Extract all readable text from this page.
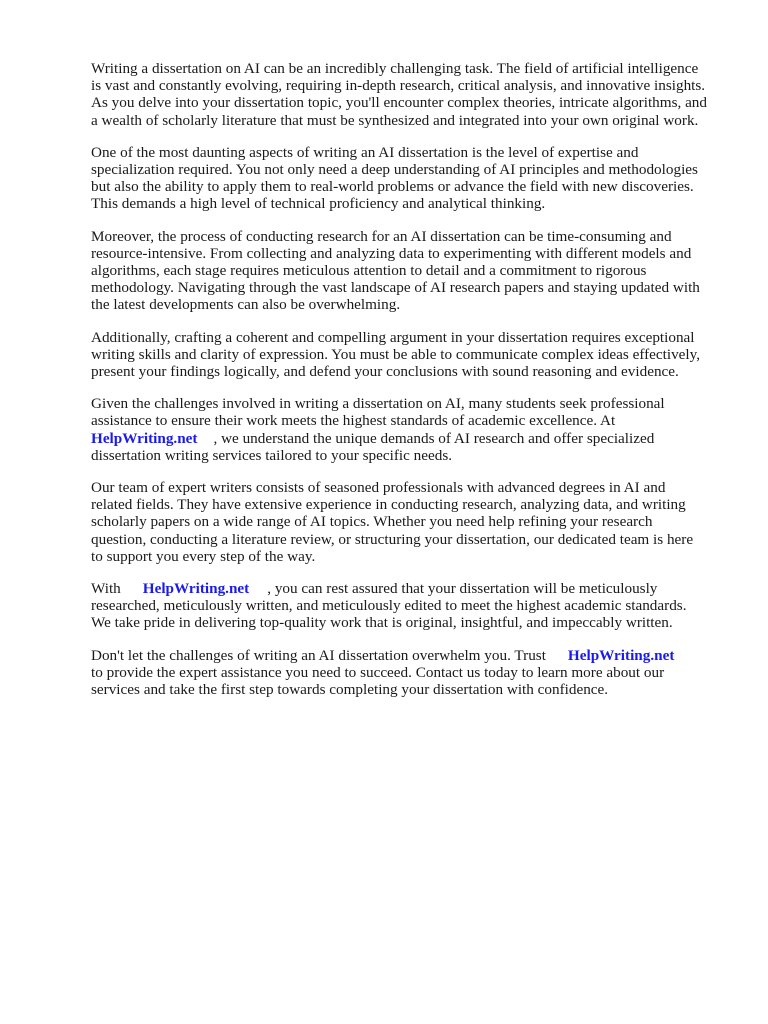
Writing a dissertation on AI can be an incredibly challenging task. The field of artificial intelligence
is vast and constantly evolving, requiring in-depth research, critical analysis, and innovative insights.
As you delve into your dissertation topic, you'll encounter complex theories, intricate algorithms, and
a wealth of scholarly literature that must be synthesized and integrated into your own original work.

One of the most daunting aspects of writing an AI dissertation is the level of expertise and
specialization required. You not only need a deep understanding of AI principles and methodologies
but also the ability to apply them to real-world problems or advance the field with new discoveries.
This demands a high level of technical proficiency and analytical thinking.

Moreover, the process of conducting research for an AI dissertation can be time-consuming and
resource-intensive. From collecting and analyzing data to experimenting with different models and
algorithms, each stage requires meticulous attention to detail and a commitment to rigorous
methodology. Navigating through the vast landscape of AI research papers and staying updated with
the latest developments can also be overwhelming.

Additionally, crafting a coherent and compelling argument in your dissertation requires exceptional
writing skills and clarity of expression. You must be able to communicate complex ideas effectively,
present your findings logically, and defend your conclusions with sound reasoning and evidence.

Given the challenges involved in writing a dissertation on AI, many students seek professional
assistance to ensure their work meets the highest standards of academic excellence. At
HelpWriting.net , we understand the unique demands of AI research and offer specialized
dissertation writing services tailored to your specific needs.

Our team of expert writers consists of seasoned professionals with advanced degrees in AI and
related fields. They have extensive experience in conducting research, analyzing data, and writing
scholarly papers on a wide range of AI topics. Whether you need help refining your research
question, conducting a literature review, or structuring your dissertation, our dedicated team is here
to support you every step of the way.

With HelpWriting.net , you can rest assured that your dissertation will be meticulously
researched, meticulously written, and meticulously edited to meet the highest academic standards.
We take pride in delivering top-quality work that is original, insightful, and impeccably written.

Don't let the challenges of writing an AI dissertation overwhelm you. Trust HelpWriting.net
to provide the expert assistance you need to succeed. Contact us today to learn more about our
services and take the first step towards completing your dissertation with confidence.
